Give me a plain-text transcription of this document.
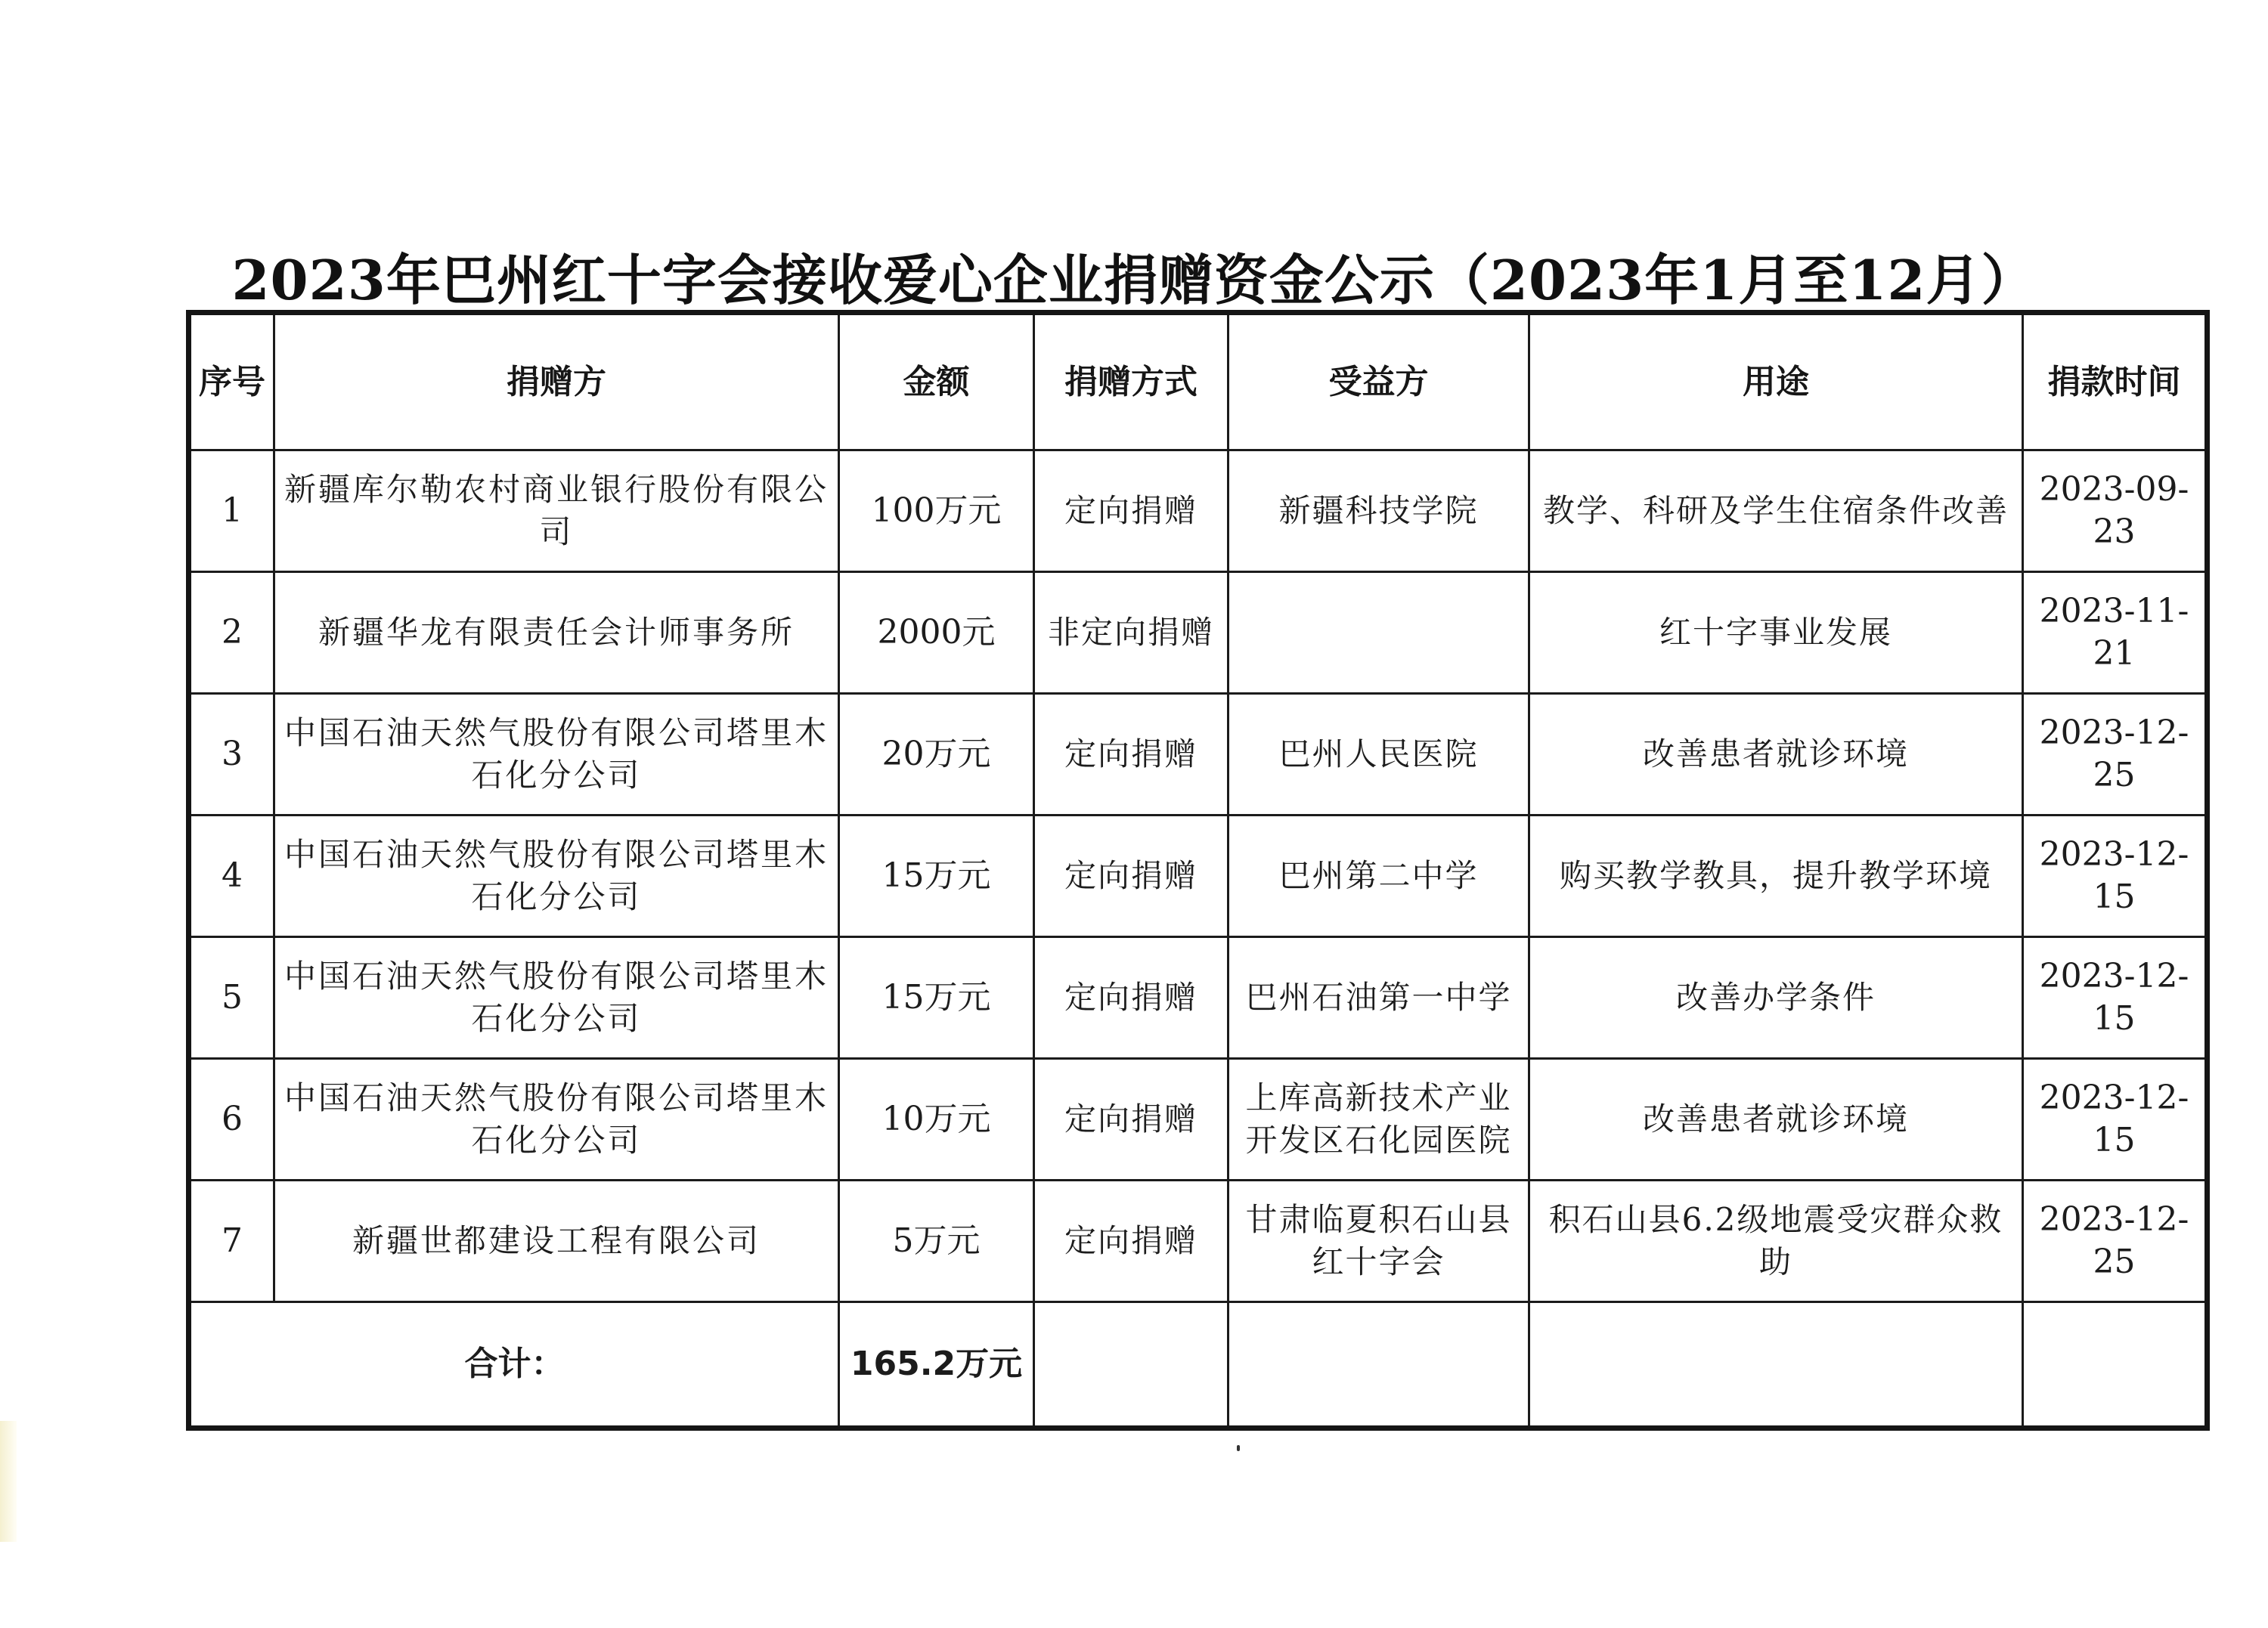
2023年巴州红十字会接收爱心企业捐赠资金公示（2023年1月至12月）
序号	捐赠方	金额	捐赠方式	受益方	用途	捐款时间
1	新疆库尔勒农村商业银行股份有限公司	100万元	定向捐赠	新疆科技学院	教学、科研及学生住宿条件改善	2023-09-23
2	新疆华龙有限责任会计师事务所	2000元	非定向捐赠		红十字事业发展	2023-11-21
3	中国石油天然气股份有限公司塔里木石化分公司	20万元	定向捐赠	巴州人民医院	改善患者就诊环境	2023-12-25
4	中国石油天然气股份有限公司塔里木石化分公司	15万元	定向捐赠	巴州第二中学	购买教学教具，提升教学环境	2023-12-15
5	中国石油天然气股份有限公司塔里木石化分公司	15万元	定向捐赠	巴州石油第一中学	改善办学条件	2023-12-15
6	中国石油天然气股份有限公司塔里木石化分公司	10万元	定向捐赠	上库高新技术产业开发区石化园医院	改善患者就诊环境	2023-12-15
7	新疆世都建设工程有限公司	5万元	定向捐赠	甘肃临夏积石山县红十字会	积石山县6.2级地震受灾群众救助	2023-12-25
合计：		165.2万元				
